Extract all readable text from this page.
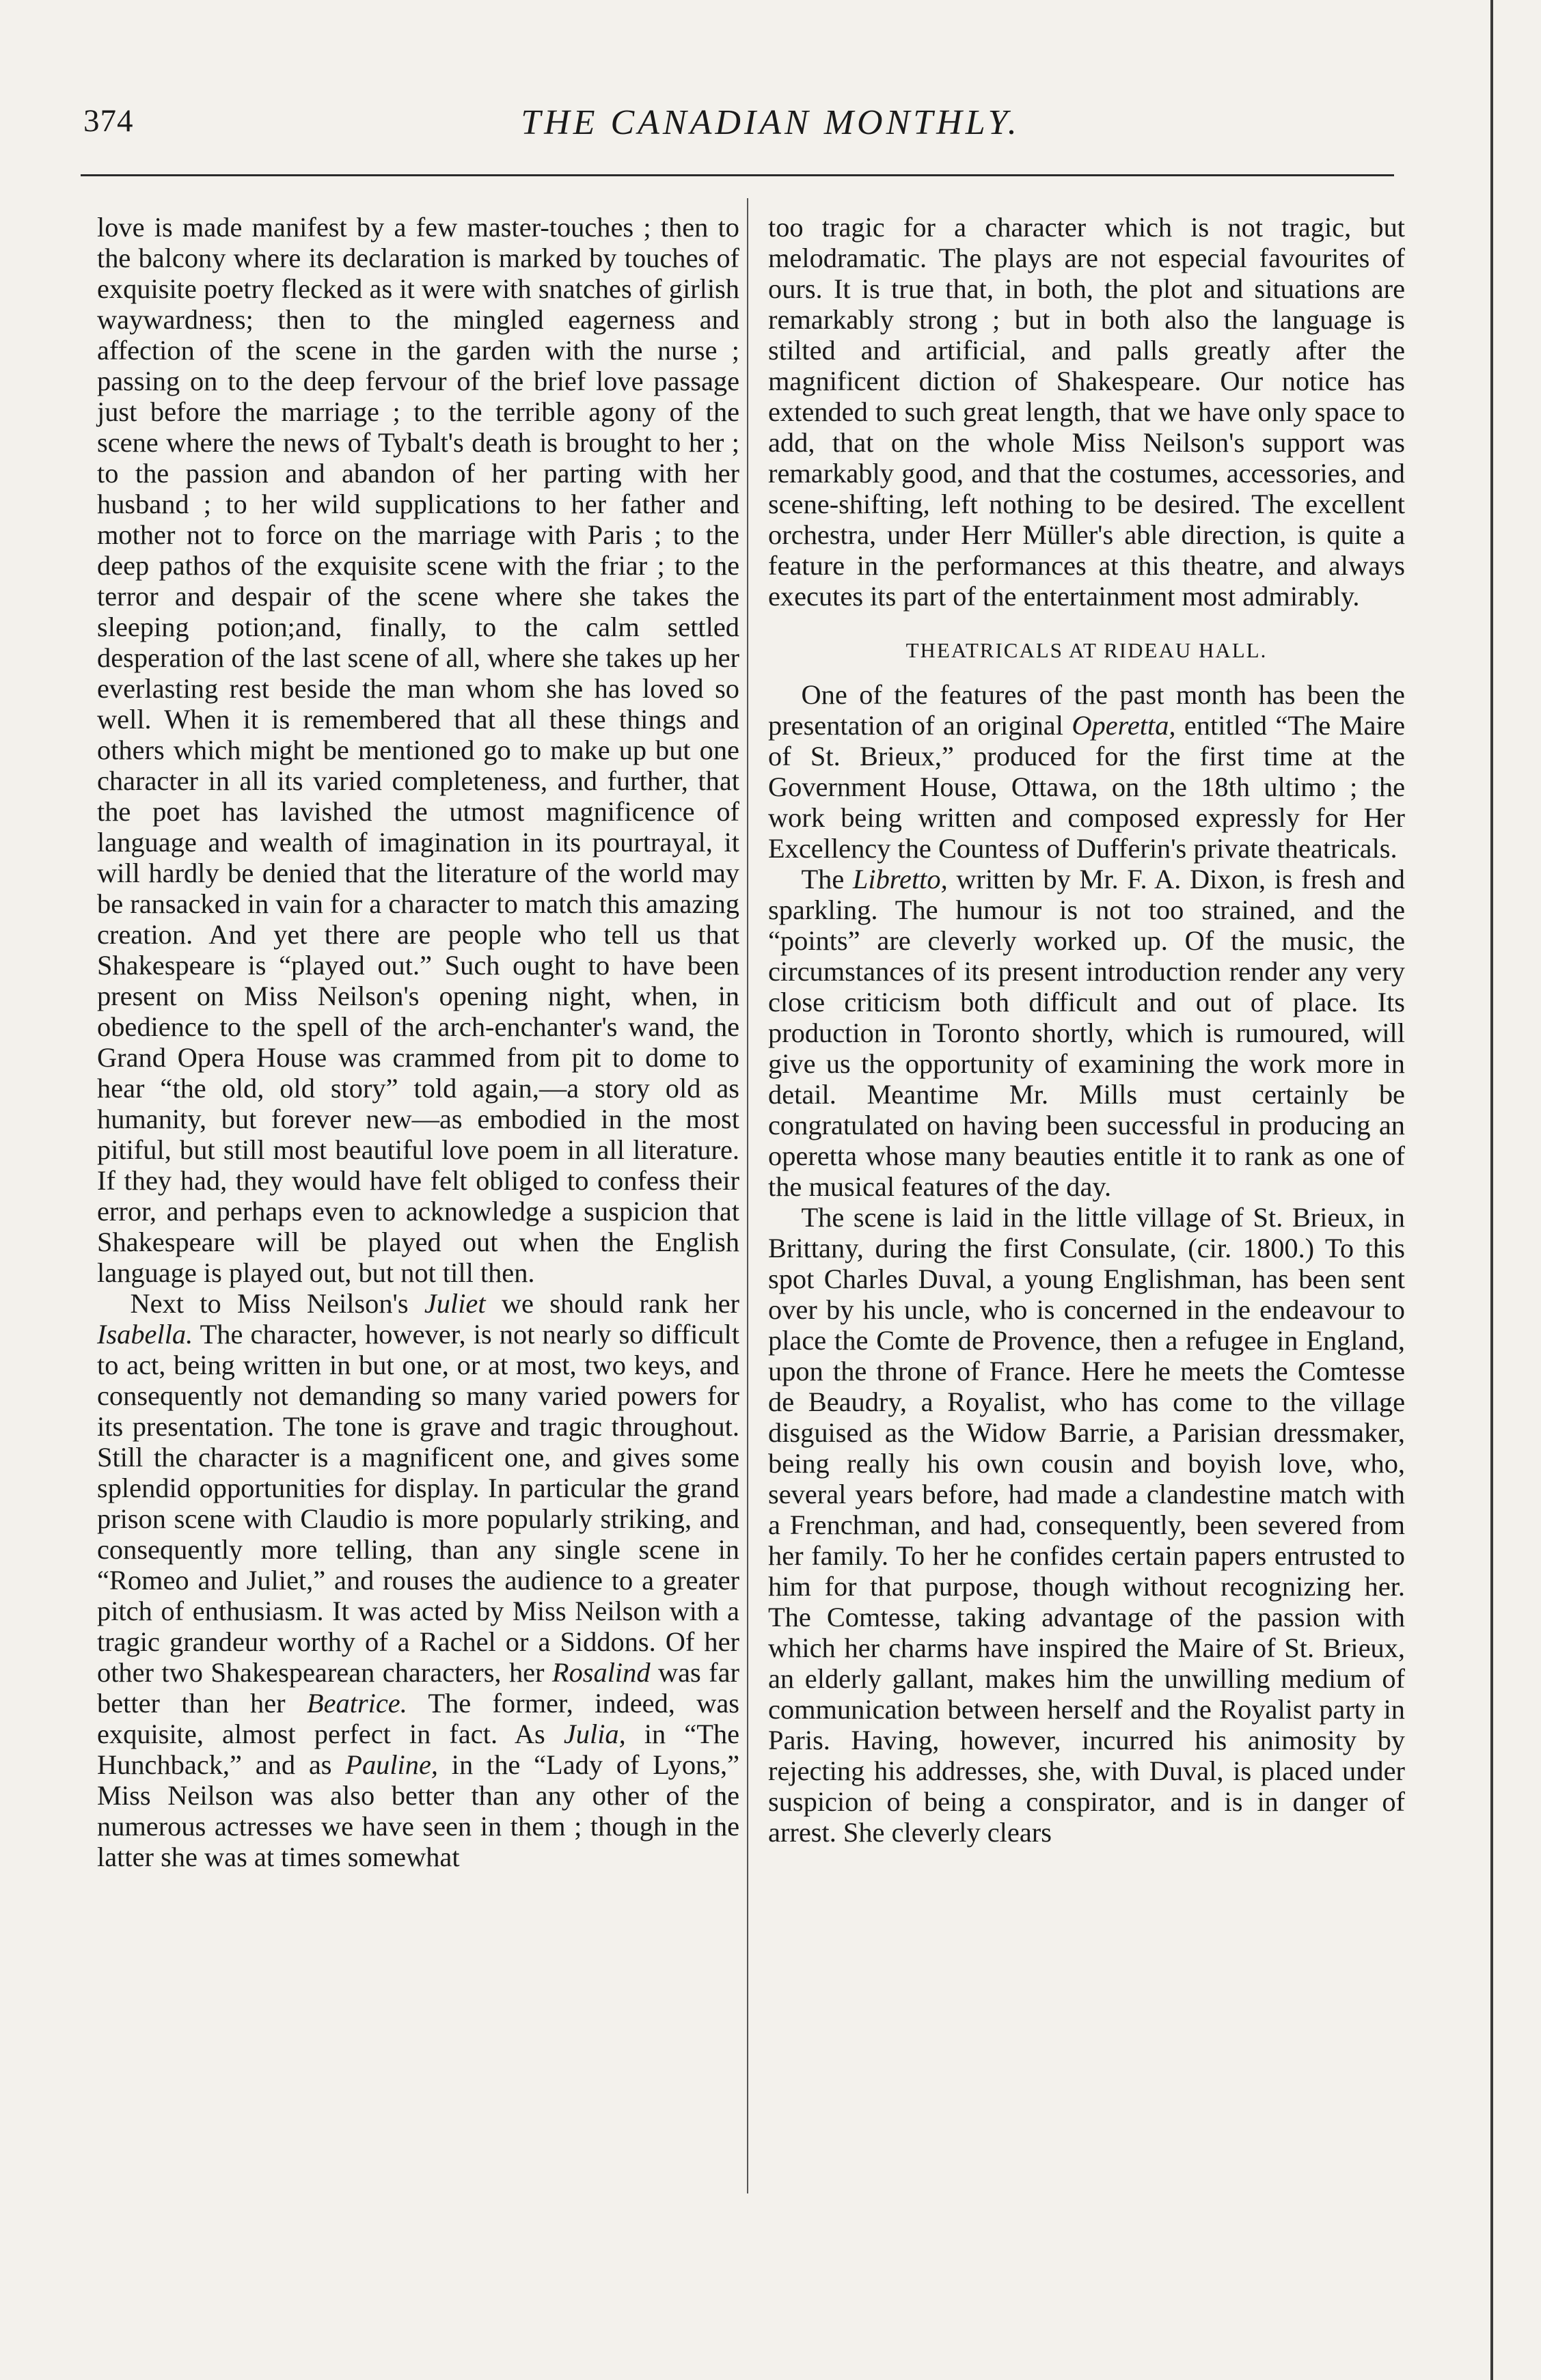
374	THE CANADIAN MONTHLY.

love is made manifest by a few master-touches ; then to the balcony where its declaration is marked by touches of exquisite poetry flecked as it were with snatches of girlish waywardness; then to the mingled eagerness and affection of the scene in the garden with the nurse ; passing on to the deep fervour of the brief love passage just before the marriage ; to the terrible agony of the scene where the news of Tybalt's death is brought to her ; to the passion and abandon of her parting with her husband ; to her wild supplications to her father and mother not to force on the marriage with Paris ; to the deep pathos of the exquisite scene with the friar ; to the terror and despair of the scene where she takes the sleeping potion;and, finally, to the calm settled desperation of the last scene of all, where she takes up her everlasting rest beside the man whom she has loved so well. When it is remembered that all these things and others which might be mentioned go to make up but one character in all its varied completeness, and further, that the poet has lavished the utmost magnificence of language and wealth of imagination in its pourtrayal, it will hardly be denied that the literature of the world may be ransacked in vain for a character to match this amazing creation. And yet there are people who tell us that Shakespeare is “played out.” Such ought to have been present on Miss Neilson's opening night, when, in obedience to the spell of the arch-enchanter's wand, the Grand Opera House was crammed from pit to dome to hear “the old, old story” told again,—a story old as humanity, but forever new—as embodied in the most pitiful, but still most beautiful love poem in all literature. If they had, they would have felt obliged to confess their error, and perhaps even to acknowledge a suspicion that Shakespeare will be played out when the English language is played out, but not till then.

Next to Miss Neilson's Juliet we should rank her Isabella. The character, however, is not nearly so difficult to act, being written in but one, or at most, two keys, and consequently not demanding so many varied powers for its presentation. The tone is grave and tragic throughout. Still the character is a magnificent one, and gives some splendid opportunities for display. In particular the grand prison scene with Claudio is more popularly striking, and consequently more telling, than any single scene in “Romeo and Juliet,” and rouses the audience to a greater pitch of enthusiasm. It was acted by Miss Neilson with a tragic grandeur worthy of a Rachel or a Siddons. Of her other two Shakespearean characters, her Rosalind was far better than her Beatrice. The former, indeed, was exquisite, almost perfect in fact. As Julia, in “The Hunchback,” and as Pauline, in the “Lady of Lyons,” Miss Neilson was also better than any other of the numerous actresses we have seen in them ; though in the latter she was at times somewhat

too tragic for a character which is not tragic, but melodramatic. The plays are not especial favourites of ours. It is true that, in both, the plot and situations are remarkably strong ; but in both also the language is stilted and artificial, and palls greatly after the magnificent diction of Shakespeare. Our notice has extended to such great length, that we have only space to add, that on the whole Miss Neilson's support was remarkably good, and that the costumes, accessories, and scene-shifting, left nothing to be desired. The excellent orchestra, under Herr Müller's able direction, is quite a feature in the performances at this theatre, and always executes its part of the entertainment most admirably.

THEATRICALS AT RIDEAU HALL.

One of the features of the past month has been the presentation of an original Operetta, entitled “The Maire of St. Brieux,” produced for the first time at the Government House, Ottawa, on the 18th ultimo ; the work being written and composed expressly for Her Excellency the Countess of Dufferin's private theatricals.

The Libretto, written by Mr. F. A. Dixon, is fresh and sparkling. The humour is not too strained, and the “points” are cleverly worked up. Of the music, the circumstances of its present introduction render any very close criticism both difficult and out of place. Its production in Toronto shortly, which is rumoured, will give us the opportunity of examining the work more in detail. Meantime Mr. Mills must certainly be congratulated on having been successful in producing an operetta whose many beauties entitle it to rank as one of the musical features of the day.

The scene is laid in the little village of St. Brieux, in Brittany, during the first Consulate, (cir. 1800.) To this spot Charles Duval, a young Englishman, has been sent over by his uncle, who is concerned in the endeavour to place the Comte de Provence, then a refugee in England, upon the throne of France. Here he meets the Comtesse de Beaudry, a Royalist, who has come to the village disguised as the Widow Barrie, a Parisian dressmaker, being really his own cousin and boyish love, who, several years before, had made a clandestine match with a Frenchman, and had, consequently, been severed from her family. To her he confides certain papers entrusted to him for that purpose, though without recognizing her. The Comtesse, taking advantage of the passion with which her charms have inspired the Maire of St. Brieux, an elderly gallant, makes him the unwilling medium of communication between herself and the Royalist party in Paris. Having, however, incurred his animosity by rejecting his addresses, she, with Duval, is placed under suspicion of being a conspirator, and is in danger of arrest. She cleverly clears
